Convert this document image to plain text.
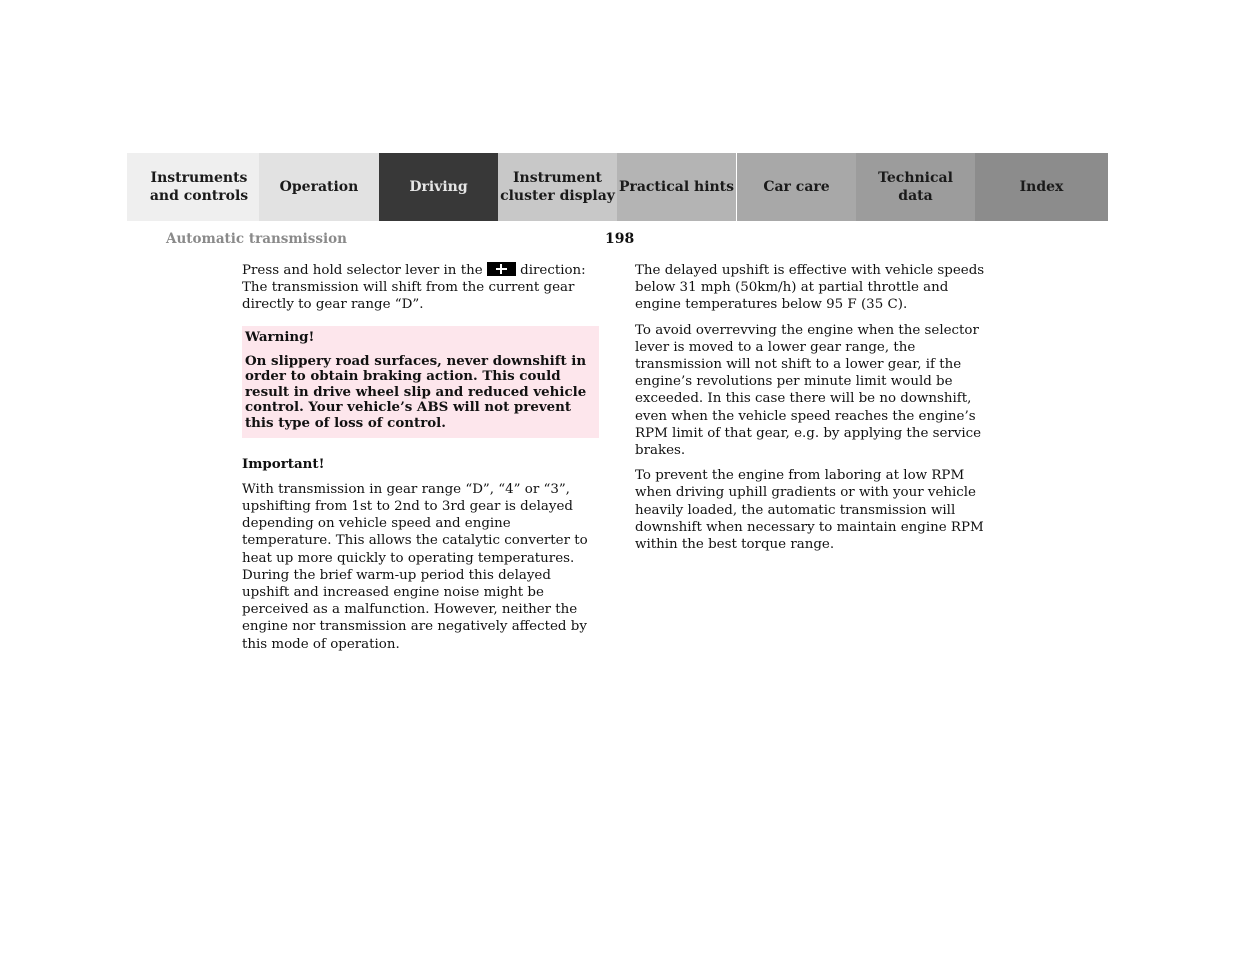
Instruments
and controls
Operation	Driving
Instrument
cluster display
Practical hints	Car care
Technical
data
Index
Automatic transmission	198

Press and hold selector lever in the	direction: The transmission will shift from the current gear directly to gear range “D”.

Warning!

On slippery road surfaces, never downshift in order to obtain braking action. This could result in drive wheel slip and reduced vehicle control. Your vehicle’s ABS will not prevent this type of loss of control.

Important!

With transmission in gear range “D”, “4” or “3”, upshifting from 1st to 2nd to 3rd gear is delayed depending on vehicle speed and engine temperature. This allows the catalytic converter to heat up more quickly to operating temperatures.

During the brief warm-up period this delayed upshift and increased engine noise might be perceived as a malfunction. However, neither the engine nor transmission are negatively affected by this mode of operation.

The delayed upshift is effective with vehicle speeds below 31 mph (50km/h) at partial throttle and engine temperatures below 95 F (35 C).

To avoid overrevving the engine when the selector lever is moved to a lower gear range, the transmission will not shift to a lower gear, if the engine’s revolutions per minute limit would be exceeded. In this case there will be no downshift, even when the vehicle speed reaches the engine’s RPM limit of that gear, e.g. by applying the service brakes.

To prevent the engine from laboring at low RPM when driving uphill gradients or with your vehicle heavily loaded, the automatic transmission will downshift when necessary to maintain engine RPM within the best torque range.
